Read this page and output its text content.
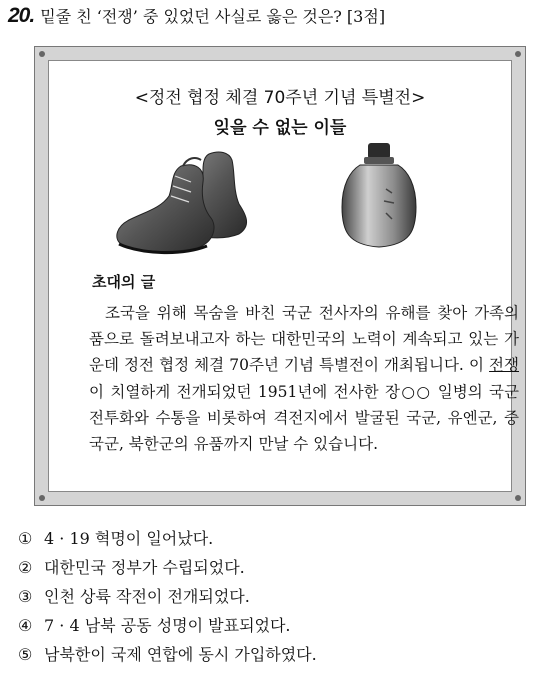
20. 밑줄 친 ‘전쟁’ 중 있었던 사실로 옳은 것은? [3점]
<정전 협정 체결 70주년 기념 특별전>
잊을 수 없는 이들
초대의 글
조국을 위해 목숨을 바친 국군 전사자의 유해를 찾아 가족의 품으로 돌려보내고자 하는 대한민국의 노력이 계속되고 있는 가운데 정전 협정 체결 70주년 기념 특별전이 개최됩니다. 이 전쟁이 치열하게 전개되었던 1951년에 전사한 장○○ 일병의 국군 전투화와 수통을 비롯하여 격전지에서 발굴된 국군, 유엔군, 중국군, 북한군의 유품까지 만날 수 있습니다.
① 4 · 19 혁명이 일어났다.
② 대한민국 정부가 수립되었다.
③ 인천 상륙 작전이 전개되었다.
④ 7 · 4 남북 공동 성명이 발표되었다.
⑤ 남북한이 국제 연합에 동시 가입하였다.
